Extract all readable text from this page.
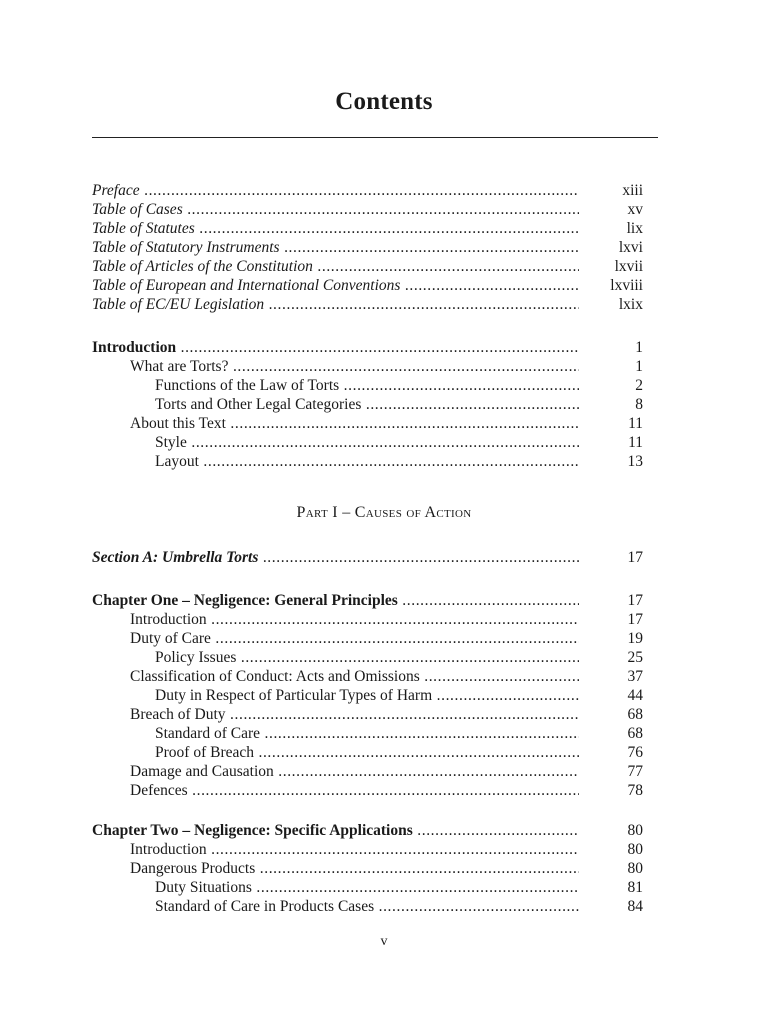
Contents
Preface .....	xiii
Table of Cases .....	xv
Table of Statutes .....	lix
Table of Statutory Instruments .....	lxvi
Table of Articles of the Constitution .....	lxvii
Table of European and International Conventions .....	lxviii
Table of EC/EU Legislation .....	lxix
Introduction .....	1
What are Torts? .....	1
Functions of the Law of Torts .....	2
Torts and Other Legal Categories .....	8
About this Text .....	11
Style .....	11
Layout .....	13
Section A: Umbrella Torts .....	17
Chapter One – Negligence: General Principles .....	17
Introduction .....	17
Duty of Care .....	19
Policy Issues .....	25
Classification of Conduct: Acts and Omissions .....	37
Duty in Respect of Particular Types of Harm .....	44
Breach of Duty .....	68
Standard of Care .....	68
Proof of Breach .....	76
Damage and Causation .....	77
Defences .....	78
Chapter Two – Negligence: Specific Applications .....	80
Introduction .....	80
Dangerous Products .....	80
Duty Situations .....	81
Standard of Care in Products Cases .....	84
Part I – Causes of Action
v
